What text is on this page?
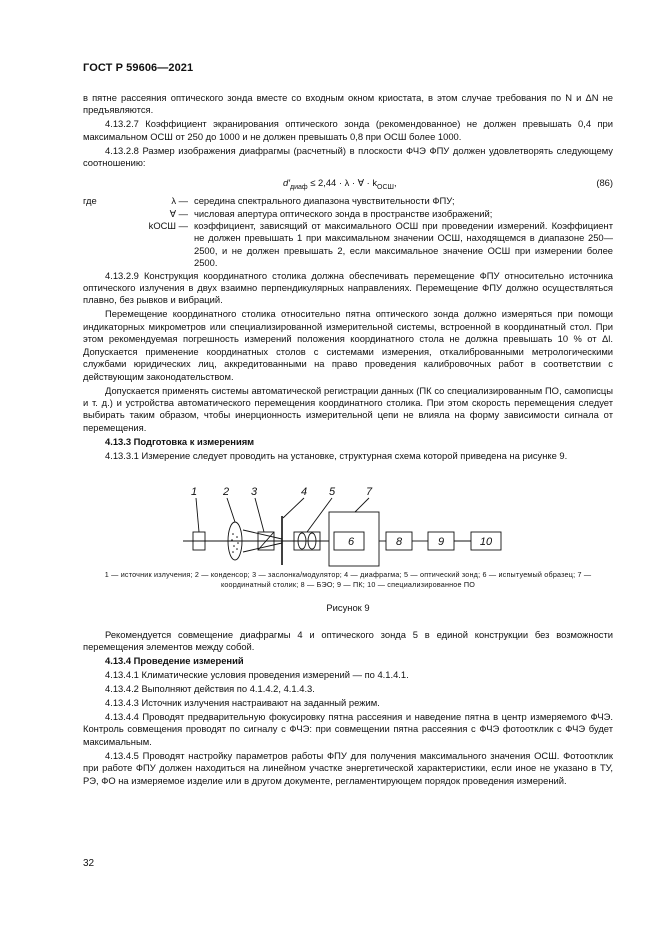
ГОСТ Р 59606—2021

в пятне рассеяния оптического зонда вместе со входным окном криостата, в этом случае требования по N и ΔN не предъявляются.

4.13.2.7 Коэффициент экранирования оптического зонда (рекомендованное) не должен превышать 0,4 при максимальном ОСШ от 250 до 1000 и не должен превышать 0,8 при ОСШ более 1000.

4.13.2.8 Размер изображения диафрагмы (расчетный) в плоскости ФЧЭ ФПУ должен удовлетворять следующему соотношению:

$d'_{диаф} \le 2,44 \cdot \lambda$ · ∀ · $k_{ОСШ}$,	(86)
где	λ — середина спектрального диапазона чувствительности ФПУ;
∀ — числовая апертура оптического зонда в пространстве изображений;
kОСШ — коэффициент, зависящий от максимального ОСШ при проведении измерений. Коэффициент не должен превышать 1 при максимальном значении ОСШ, находящемся в диапазоне 250—2500, и не должен превышать 2, если максимальное значение ОСШ при измерении более 2500.

4.13.2.9 Конструкция координатного столика должна обеспечивать перемещение ФПУ относительно источника оптического излучения в двух взаимно перпендикулярных направлениях. Перемещение ФПУ должно осуществляться плавно, без рывков и вибраций.

Перемещение координатного столика относительно пятна оптического зонда должно измеряться при помощи индикаторных микрометров или специализированной измерительной системы, встроенной в координатный стол. При этом рекомендуемая погрешность измерений положения координатного стола не должна превышать 10 % от Δl. Допускается применение координатных столов с системами измерения, откалиброванными метрологическими службами юридических лиц, аккредитованными на право проведения калибровочных работ в соответствии с действующим законодательством.

Допускается применять системы автоматической регистрации данных (ПК со специализированным ПО, самописцы и т. д.) и устройства автоматического перемещения координатного столика. При этом скорость перемещения следует выбирать таким образом, чтобы инерционность измерительной цепи не влияла на форму зависимости сигнала от перемещения.

4.13.3 Подготовка к измерениям

4.13.3.1 Измерение следует проводить на установке, структурная схема которой приведена на рисунке 9.

1 2 3	4 5	7
6	8	9	10
1 — источник излучения; 2 — конденсор; 3 — заслонка/модулятор; 4 — диафрагма; 5 — оптический зонд; 6 — испытуемый образец; 7 — координатный столик; 8 — БЭО; 9 — ПК; 10 — специализированное ПО

Рисунок 9

Рекомендуется совмещение диафрагмы 4 и оптического зонда 5 в единой конструкции без возможности перемещения элементов между собой.

4.13.4 Проведение измерений

4.13.4.1 Климатические условия проведения измерений — по 4.1.4.1.

4.13.4.2 Выполняют действия по 4.1.4.2, 4.1.4.3.

4.13.4.3 Источник излучения настраивают на заданный режим.

4.13.4.4 Проводят предварительную фокусировку пятна рассеяния и наведение пятна в центр измеряемого ФЧЭ. Контроль совмещения проводят по сигналу с ФЧЭ: при совмещении пятна рассеяния с ФЧЭ фотоотклик с ФЧЭ будет максимальным.

4.13.4.5 Проводят настройку параметров работы ФПУ для получения максимального значения ОСШ. Фотоотклик при работе ФПУ должен находиться на линейном участке энергетической характеристики, если иное не указано в ТУ, РЭ, ФО на измеряемое изделие или в другом документе, регламентирующем порядок проведения измерений.

32
